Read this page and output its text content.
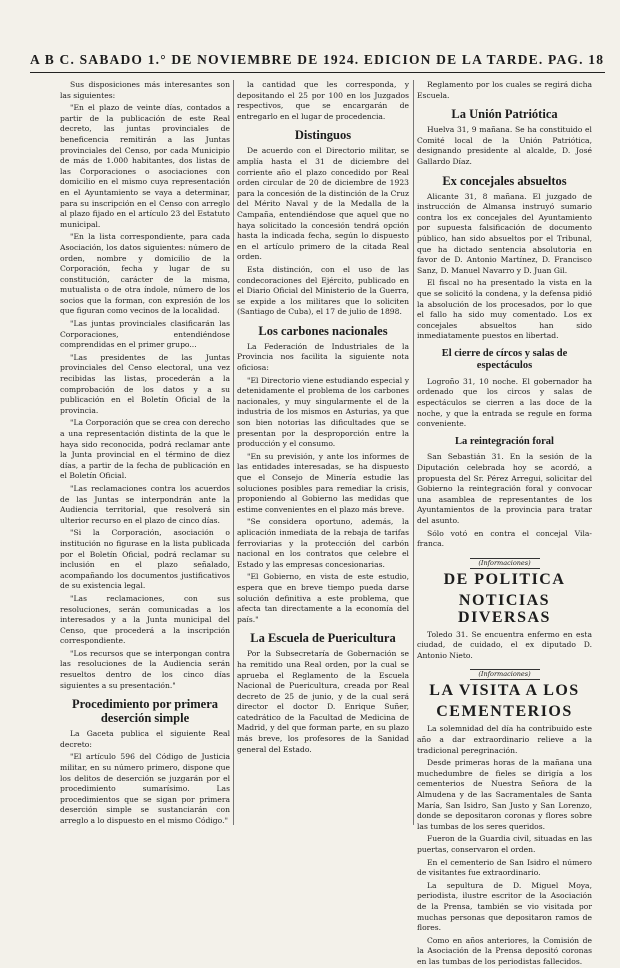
A B C. SABADO 1.° DE NOVIEMBRE DE 1924. EDICION DE LA TARDE. PAG. 18

Sus disposiciones más interesantes son las siguientes:

"En el plazo de veinte días, contados a partir de la publicación de este Real decreto, las juntas provinciales de beneficencia remitirán a las Juntas provinciales del Censo, por cada Municipio de más de 1.000 habitantes, dos listas de las Corporaciones o asociaciones con domicilio en el mismo cuya representación en el Ayuntamiento se vaya a determinar, para su inscripción en el Censo con arreglo al plazo fijado en el artículo 23 del Estatuto municipal.

"En la lista correspondiente, para cada Asociación, los datos siguientes: número de orden, nombre y domicilio de la Corporación, fecha y lugar de su constitución, carácter de la misma, mutualista o de otra índole, número de los socios que la forman, con expresión de los que figuran como vecinos de la localidad.

"Las juntas provinciales clasificarán las Corporaciones, entendiéndose comprendidas en el primer grupo...

"Las presidentes de las Juntas provinciales del Censo electoral, una vez recibidas las listas, procederán a la comprobación de los datos y a su publicación en el Boletín Oficial de la provincia.

"La Corporación que se crea con derecho a una representación distinta de la que le haya sido reconocida, podrá reclamar ante la Junta provincial en el término de diez días, a partir de la fecha de publicación en el Boletín Oficial.

"Las reclamaciones contra los acuerdos de las Juntas se interpondrán ante la Audiencia territorial, que resolverá sin ulterior recurso en el plazo de cinco días.

"Si la Corporación, asociación o institución no figurase en la lista publicada por el Boletín Oficial, podrá reclamar su inclusión en el plazo señalado, acompañando los documentos justificativos de su existencia legal.

"Las reclamaciones, con sus resoluciones, serán comunicadas a los interesados y a la Junta municipal del Censo, que procederá a la inscripción correspondiente.

"Los recursos que se interpongan contra las resoluciones de la Audiencia serán resueltos dentro de los cinco días siguientes a su presentación."

Procedimiento por primera deserción simple

La Gaceta publica el siguiente Real decreto:

"El artículo 596 del Código de Justicia militar, en su número primero, dispone que los delitos de deserción se juzgarán por el procedimiento sumarísimo. Las procedimientos que se sigan por primera deserción simple se sustanciarán con arreglo a lo dispuesto en el mismo Código."

la cantidad que les corresponda, y depositando el 25 por 100 en los Juzgados respectivos, que se encargarán de entregarlo en el lugar de procedencia.

Distinguos

De acuerdo con el Directorio militar, se amplía hasta el 31 de diciembre del corriente año el plazo concedido por Real orden circular de 20 de diciembre de 1923 para la concesión de la distinción de la Cruz del Mérito Naval y de la Medalla de la Campaña, entendiéndose que aquel que no haya solicitado la concesión tendrá opción hasta la indicada fecha, según lo dispuesto en el artículo primero de la citada Real orden.

Esta distinción, con el uso de las condecoraciones del Ejército, publicado en el Diario Oficial del Ministerio de la Guerra, se expide a los militares que lo soliciten (Santiago de Cuba), el 17 de julio de 1898.

Los carbones nacionales

La Federación de Industriales de la Provincia nos facilita la siguiente nota oficiosa:

"El Directorio viene estudiando especial y detenidamente el problema de los carbones nacionales, y muy singularmente el de la industria de los mismos en Asturias, ya que son bien notorias las dificultades que se presentan por la desproporción entre la producción y el consumo.

"En su previsión, y ante los informes de las entidades interesadas, se ha dispuesto que el Consejo de Minería estudie las soluciones posibles para remediar la crisis, proponiendo al Gobierno las medidas que estime convenientes en el plazo más breve.

"Se considera oportuno, además, la aplicación inmediata de la rebaja de tarifas ferroviarias y la protección del carbón nacional en los contratos que celebre el Estado y las empresas concesionarias.

"El Gobierno, en vista de este estudio, espera que en breve tiempo pueda darse solución definitiva a este problema, que afecta tan directamente a la economía del país."

La Escuela de Puericultura

Por la Subsecretaría de Gobernación se ha remitido una Real orden, por la cual se aprueba el Reglamento de la Escuela Nacional de Puericultura, creada por Real decreto de 25 de junio, y de la cual será director el doctor D. Enrique Suñer, catedrático de la Facultad de Medicina de Madrid, y del que forman parte, en su plazo más breve, los profesores de la Sanidad general del Estado.

Reglamento por los cuales se regirá dicha Escuela.

La Unión Patriótica

Huelva 31, 9 mañana. Se ha constituido el Comité local de la Unión Patriótica, designando presidente al alcalde, D. José Gallardo Díaz.

Ex concejales absueltos

Alicante 31, 8 mañana. El juzgado de instrucción de Almansa instruyó sumario contra los ex concejales del Ayuntamiento por supuesta falsificación de documento público, han sido absueltos por el Tribunal, que ha dictado sentencia absolutoria en favor de D. Antonio Martínez, D. Francisco Sanz, D. Manuel Navarro y D. Juan Gil.

El fiscal no ha presentado la vista en la que se solicitó la condena, y la defensa pidió la absolución de los procesados, por lo que el fallo ha sido muy comentado. Los ex concejales absueltos han sido inmediatamente puestos en libertad.

El cierre de círcos y salas de espectáculos

Logroño 31, 10 noche. El gobernador ha ordenado que los circos y salas de espectáculos se cierren a las doce de la noche, y que la entrada se regule en forma conveniente.

La reintegración foral

San Sebastián 31. En la sesión de la Diputación celebrada hoy se acordó, a propuesta del Sr. Pérez Arregui, solicitar del Gobierno la reintegración foral y convocar una asamblea de representantes de los Ayuntamientos de la provincia para tratar del asunto.

Sólo votó en contra el concejal Vila-franca.

(Informaciones)
DE POLITICA
NOTICIAS DIVERSAS

Toledo 31. Se encuentra enfermo en esta ciudad, de cuidado, el ex diputado D. Antonio Nieto.

(Informaciones)
LA VISITA A LOS
CEMENTERIOS

La solemnidad del día ha contribuido este año a dar extraordinario relieve a la tradicional peregrinación.

Desde primeras horas de la mañana una muchedumbre de fieles se dirigía a los cementerios de Nuestra Señora de la Almudena y de las Sacramentales de Santa María, San Isidro, San Justo y San Lorenzo, donde se depositaron coronas y flores sobre las tumbas de los seres queridos.

Fueron de la Guardia civil, situadas en las puertas, conservaron el orden.

En el cementerio de San Isidro el número de visitantes fue extraordinario.

La sepultura de D. Miguel Moya, periodista, ilustre escritor de la Asociación de la Prensa, también se vio visitada por muchas personas que depositaron ramos de flores.

Como en años anteriores, la Comisión de la Asociación de la Prensa depositó coronas en las tumbas de los periodistas fallecidos.
